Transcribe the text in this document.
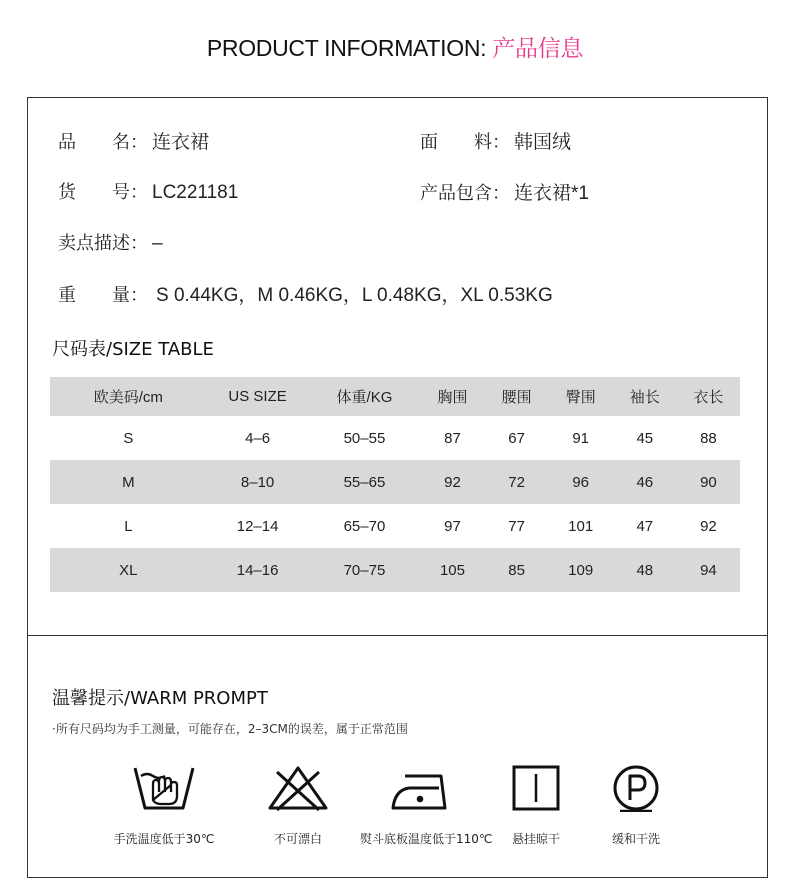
PRODUCT INFORMATION: 产品信息
品　　名： 连衣裙	面　　料： 韩国绒
货　　号： LC221181	产品包含： 连衣裙*1
卖点描述： –
重　　量： S 0.44KG，M 0.46KG，L 0.48KG，XL 0.53KG
尺码表/SIZE TABLE
欧美码/cm	US SIZE	体重/KG	胸围	腰围	臀围	袖长	衣长
S	4–6	50–55	87	67	91	45	88
M	8–10	55–65	92	72	96	46	90
L	12–14	65–70	97	77	101	47	92
XL	14–16	70–75	105	85	109	48	94
温馨提示/WARM PROMPT
·所有尺码均为手工测量，可能存在，2–3CM的误差，属于正常范围
手洗温度低于30℃	不可漂白	熨斗底板温度低于110℃	悬挂晾干	缓和干洗
